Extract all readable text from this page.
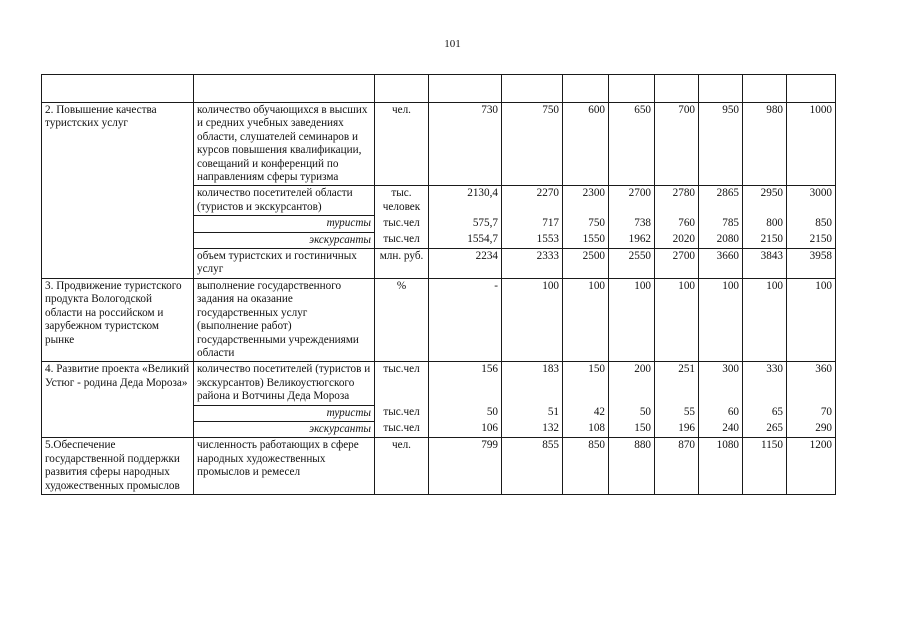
101

2. Повышение качества туристских услуг	количество обучающихся в высших и средних учебных заведениях области, слушателей семинаров и курсов повышения квалификации, совещаний и конференций по направлениям сферы туризма	чел.	730	750	600	650	700	950	980	1000
	количество посетителей области (туристов и экскурсантов)	тыс. человек	2130,4	2270	2300	2700	2780	2865	2950	3000
	туристы	тыс.чел	575,7	717	750	738	760	785	800	850
	экскурсанты	тыс.чел	1554,7	1553	1550	1962	2020	2080	2150	2150
	объем туристских и гостиничных услуг	млн. руб.	2234	2333	2500	2550	2700	3660	3843	3958
3. Продвижение туристского продукта Вологодской области на российском и зарубежном туристском рынке	выполнение государственного задания на оказание государственных услуг (выполнение работ) государственными учреждениями области	%	-	100	100	100	100	100	100	100
4. Развитие проекта «Великий Устюг - родина Деда Мороза»	количество посетителей (туристов и экскурсантов) Великоустюгского района и Вотчины Деда Мороза	тыс.чел	156	183	150	200	251	300	330	360
	туристы	тыс.чел	50	51	42	50	55	60	65	70
	экскурсанты	тыс.чел	106	132	108	150	196	240	265	290
5.Обеспечение государственной поддержки развития сферы народных художественных промыслов	численность работающих в сфере народных художественных промыслов и ремесел	чел.	799	855	850	880	870	1080	1150	1200
